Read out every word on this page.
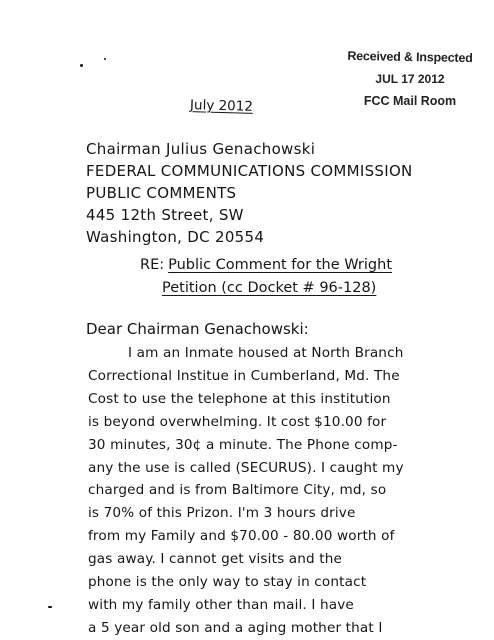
Received & Inspected
JUL 17 2012
FCC Mail Room
July 2012
Chairman Julius Genachowski
FEDERAL COMMUNICATIONS COMMISSION
PUBLIC COMMENTS
445 12th Street, SW
Washington, DC 20554
RE: Public Comment for the Wright
Petition (cc Docket # 96-128)
Dear Chairman Genachowski:
I am an Inmate housed at North Branch
Correctional Institue in Cumberland, Md. The
Cost to use the telephone at this institution
is beyond overwhelming. It cost $10.00 for
30 minutes, 30¢ a minute. The Phone comp-
any the use is called (SECURUS). I caught my
charged and is from Baltimore City, md, so
is 70% of this Prizon. I'm 3 hours drive
from my Family and $70.00 - 80.00 worth of
gas away. I cannot get visits and the
phone is the only way to stay in contact
with my family other than mail. I have
a 5 year old son and a aging mother that I
